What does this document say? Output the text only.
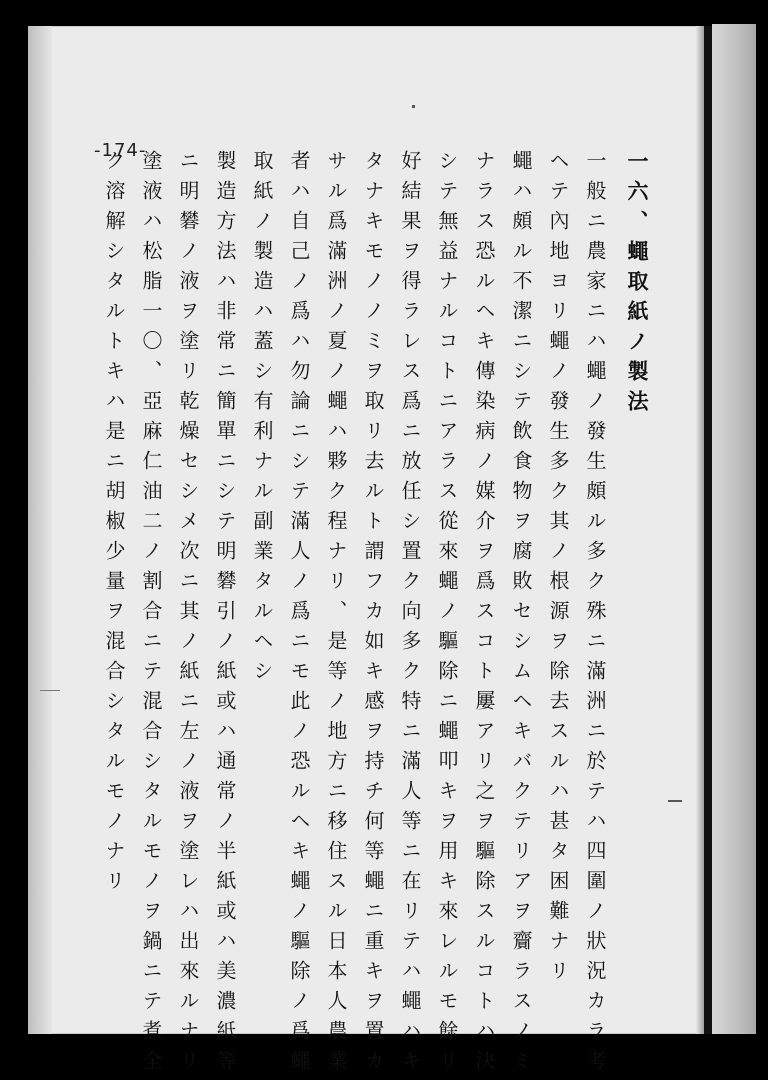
-174-	一六、蠅取紙ノ製法
一般ニ農家ニハ蠅ノ發生頗ル多ク殊ニ滿洲ニ於テハ四圍ノ狀況カラ考
ヘテ內地ヨリ蠅ノ發生多ク其ノ根源ヲ除去スルハ甚タ困難ナリ
蠅ハ頗ル不潔ニシテ飲食物ヲ腐敗セシムヘキバクテリアヲ齎ラスノミ
ナラス恐ルヘキ傳染病ノ媒介ヲ爲スコト屢アリ之ヲ驅除スルコトハ決
シテ無益ナルコトニアラス從來蠅ノ驅除ニ蠅叩キヲ用キ來レルモ餘リ
好結果ヲ得ラレス爲ニ放任シ置ク向多ク特ニ滿人等ニ在リテハ蠅ハキ
タナキモノノミヲ取リ去ルト謂フカ如キ感ヲ持チ何等蠅ニ重キヲ置カ
サル爲滿洲ノ夏ノ蠅ハ夥ク程ナリ、是等ノ地方ニ移住スル日本人農業
者ハ自己ノ爲ハ勿論ニシテ滿人ノ爲ニモ此ノ恐ルヘキ蠅ノ驅除ノ爲蠅
取紙ノ製造ハ蓋シ有利ナル副業タルヘシ
製造方法ハ非常ニ簡單ニシテ明礬引ノ紙或ハ通常ノ半紙或ハ美濃紙等
ニ明礬ノ液ヲ塗リ乾燥セシメ次ニ其ノ紙ニ左ノ液ヲ塗レハ出來ルナリ
塗液ハ松脂一〇、亞麻仁油二ノ割合ニテ混合シタルモノヲ鍋ニテ煮全
ク溶解シタルトキハ是ニ胡椒少量ヲ混合シタルモノナリ
